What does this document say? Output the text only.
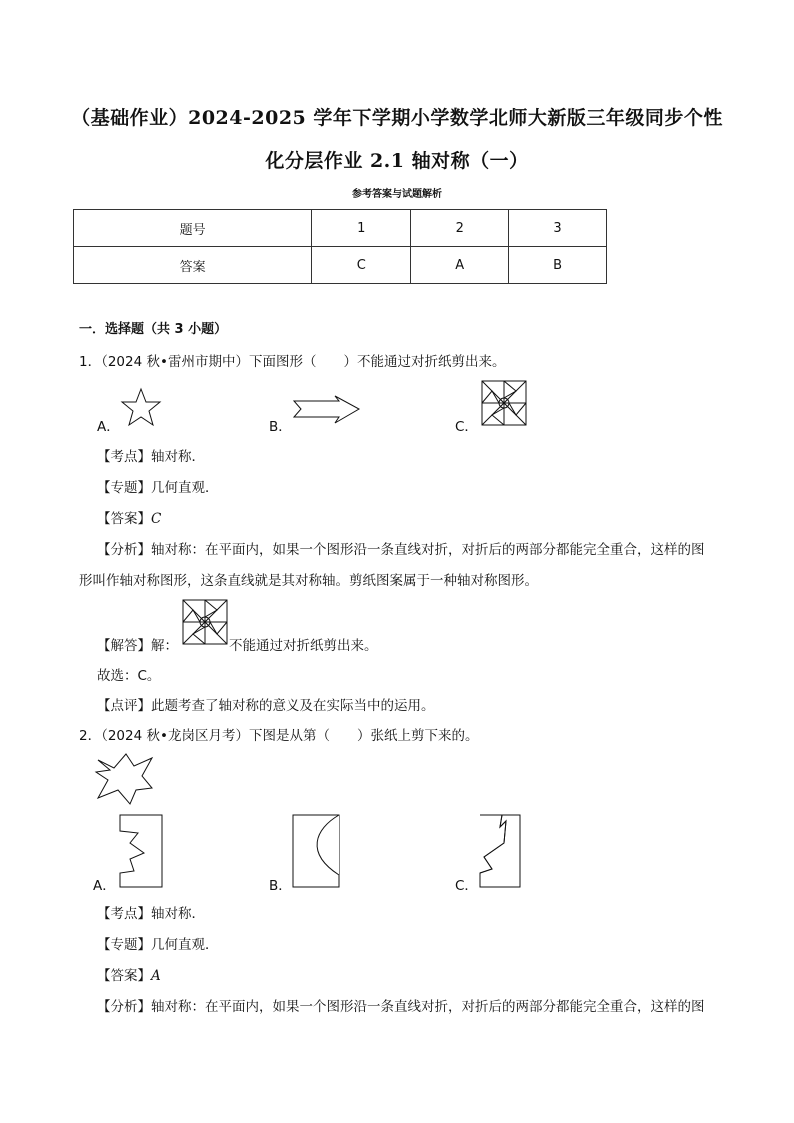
（基础作业）2024-2025 学年下学期小学数学北师大新版三年级同步个性
化分层作业 2.1 轴对称（一）
参考答案与试题解析
题号	1	2	3
答案	C	A	B
一．选择题（共 3 小题）
1．（2024 秋•雷州市期中）下面图形（　　）不能通过对折纸剪出来。
A．	B．	C．
【考点】轴对称．
【专题】几何直观．
【答案】C
【分析】轴对称：在平面内，如果一个图形沿一条直线对折，对折后的两部分都能完全重合，这样的图
形叫作轴对称图形，这条直线就是其对称轴。剪纸图案属于一种轴对称图形。
【解答】解：	不能通过对折纸剪出来。
故选：C。
【点评】此题考查了轴对称的意义及在实际当中的运用。
2．（2024 秋•龙岗区月考）下图是从第（　　）张纸上剪下来的。
A．	B．	C．
【考点】轴对称．
【专题】几何直观．
【答案】A
【分析】轴对称：在平面内，如果一个图形沿一条直线对折，对折后的两部分都能完全重合，这样的图
